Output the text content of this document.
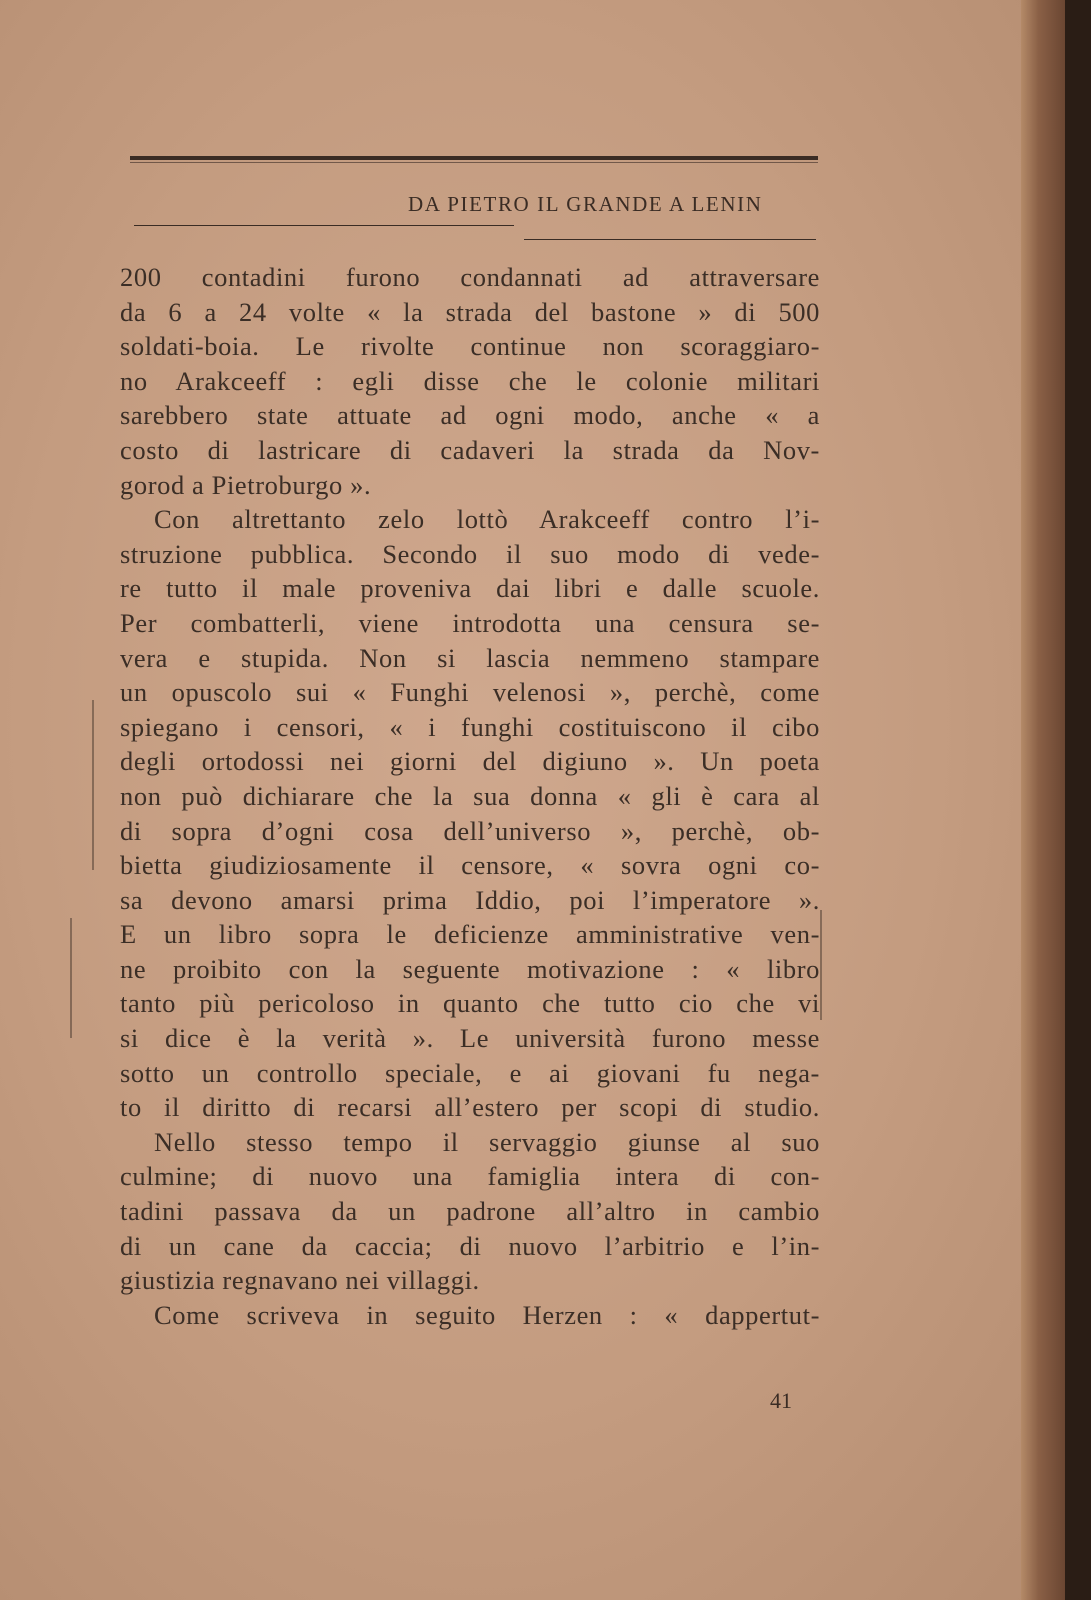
DA PIETRO IL GRANDE A LENIN
200 contadini furono condannati ad attraversare
da 6 a 24 volte « la strada del bastone » di 500
soldati-boia. Le rivolte continue non scoraggiaro-
no Arakceeff : egli disse che le colonie militari
sarebbero state attuate ad ogni modo, anche « a
costo di lastricare di cadaveri la strada da Nov-
gorod a Pietroburgo ».
Con altrettanto zelo lottò Arakceeff contro l’i-
struzione pubblica. Secondo il suo modo di vede-
re tutto il male proveniva dai libri e dalle scuole.
Per combatterli, viene introdotta una censura se-
vera e stupida. Non si lascia nemmeno stampare
un opuscolo sui « Funghi velenosi », perchè, come
spiegano i censori, « i funghi costituiscono il cibo
degli ortodossi nei giorni del digiuno ». Un poeta
non può dichiarare che la sua donna « gli è cara al
di sopra d’ogni cosa dell’universo », perchè, ob-
bietta giudiziosamente il censore, « sovra ogni co-
sa devono amarsi prima Iddio, poi l’imperatore ».
E un libro sopra le deficienze amministrative ven-
ne proibito con la seguente motivazione : « libro
tanto più pericoloso in quanto che tutto cio che vi
si dice è la verità ». Le università furono messe
sotto un controllo speciale, e ai giovani fu nega-
to il diritto di recarsi all’estero per scopi di studio.
Nello stesso tempo il servaggio giunse al suo
culmine; di nuovo una famiglia intera di con-
tadini passava da un padrone all’altro in cambio
di un cane da caccia; di nuovo l’arbitrio e l’in-
giustizia regnavano nei villaggi.
Come scriveva in seguito Herzen : « dappertut-
41
